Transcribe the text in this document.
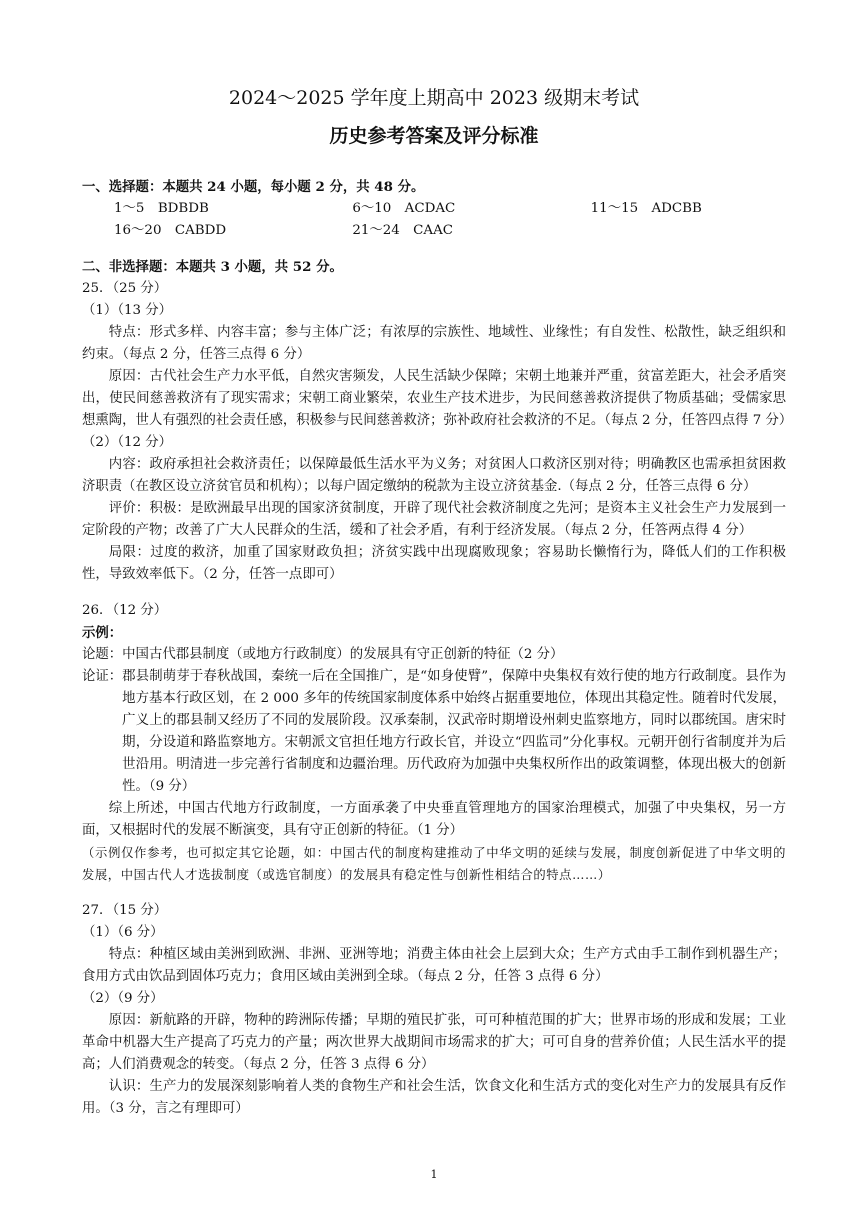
2024～2025 学年度上期高中 2023 级期末考试

历史参考答案及评分标准

一、选择题：本题共 24 小题，每小题 2 分，共 48 分。
1～5　BDBDB	6～10　ACDAC	11～15　ADCBB
16～20　CABDD	21～24　CAAC
二、非选择题：本题共 3 小题，共 52 分。
25．（25 分）
（1）（13 分）

特点：形式多样、内容丰富；参与主体广泛；有浓厚的宗族性、地域性、业缘性；有自发性、松散性，缺乏组织和约束。（每点 2 分，任答三点得 6 分）

原因：古代社会生产力水平低，自然灾害频发，人民生活缺少保障；宋朝土地兼并严重，贫富差距大，社会矛盾突出，使民间慈善救济有了现实需求；宋朝工商业繁荣，农业生产技术进步，为民间慈善救济提供了物质基础；受儒家思想熏陶，世人有强烈的社会责任感，积极参与民间慈善救济；弥补政府社会救济的不足。（每点 2 分，任答四点得 7 分）

（2）（12 分）

内容：政府承担社会救济责任；以保障最低生活水平为义务；对贫困人口救济区别对待；明确教区也需承担贫困救济职责（在教区设立济贫官员和机构）；以每户固定缴纳的税款为主设立济贫基金.（每点 2 分，任答三点得 6 分）

评价：积极：是欧洲最早出现的国家济贫制度，开辟了现代社会救济制度之先河；是资本主义社会生产力发展到一定阶段的产物；改善了广大人民群众的生活，缓和了社会矛盾，有利于经济发展。（每点 2 分，任答两点得 4 分）

局限：过度的救济，加重了国家财政负担；济贫实践中出现腐败现象；容易助长懒惰行为，降低人们的工作积极性，导致效率低下。（2 分，任答一点即可）

26．（12 分）
示例：
论题： 中国古代郡县制度（或地方行政制度）的发展具有守正创新的特征（2 分）
论证： 郡县制萌芽于春秋战国，秦统一后在全国推广，是“如身使臂”，保障中央集权有效行使的地方行政制度。县作为地方基本行政区划，在 2 000 多年的传统国家制度体系中始终占据重要地位，体现出其稳定性。随着时代发展，广义上的郡县制又经历了不同的发展阶段。汉承秦制，汉武帝时期增设州刺史监察地方，同时以郡统国。唐宋时期，分设道和路监察地方。宋朝派文官担任地方行政长官，并设立“四监司”分化事权。元朝开创行省制度并为后世沿用。明清进一步完善行省制度和边疆治理。历代政府为加强中央集权所作出的政策调整，体现出极大的创新性。（9 分）

综上所述，中国古代地方行政制度，一方面承袭了中央垂直管理地方的国家治理模式，加强了中央集权，另一方面，又根据时代的发展不断演变，具有守正创新的特征。（1 分）

（示例仅作参考，也可拟定其它论题，如：中国古代的制度构建推动了中华文明的延续与发展，制度创新促进了中华文明的发展，中国古代人才选拔制度（或选官制度）的发展具有稳定性与创新性相结合的特点……）

27．（15 分）
（1）（6 分）

特点：种植区域由美洲到欧洲、非洲、亚洲等地；消费主体由社会上层到大众；生产方式由手工制作到机器生产；食用方式由饮品到固体巧克力；食用区域由美洲到全球。（每点 2 分，任答 3 点得 6 分）

（2）（9 分）

原因：新航路的开辟，物种的跨洲际传播；早期的殖民扩张，可可种植范围的扩大；世界市场的形成和发展；工业革命中机器大生产提高了巧克力的产量；两次世界大战期间市场需求的扩大；可可自身的营养价值；人民生活水平的提高；人们消费观念的转变。（每点 2 分，任答 3 点得 6 分）

认识：生产力的发展深刻影响着人类的食物生产和社会生活，饮食文化和生活方式的变化对生产力的发展具有反作用。（3 分，言之有理即可）

1
